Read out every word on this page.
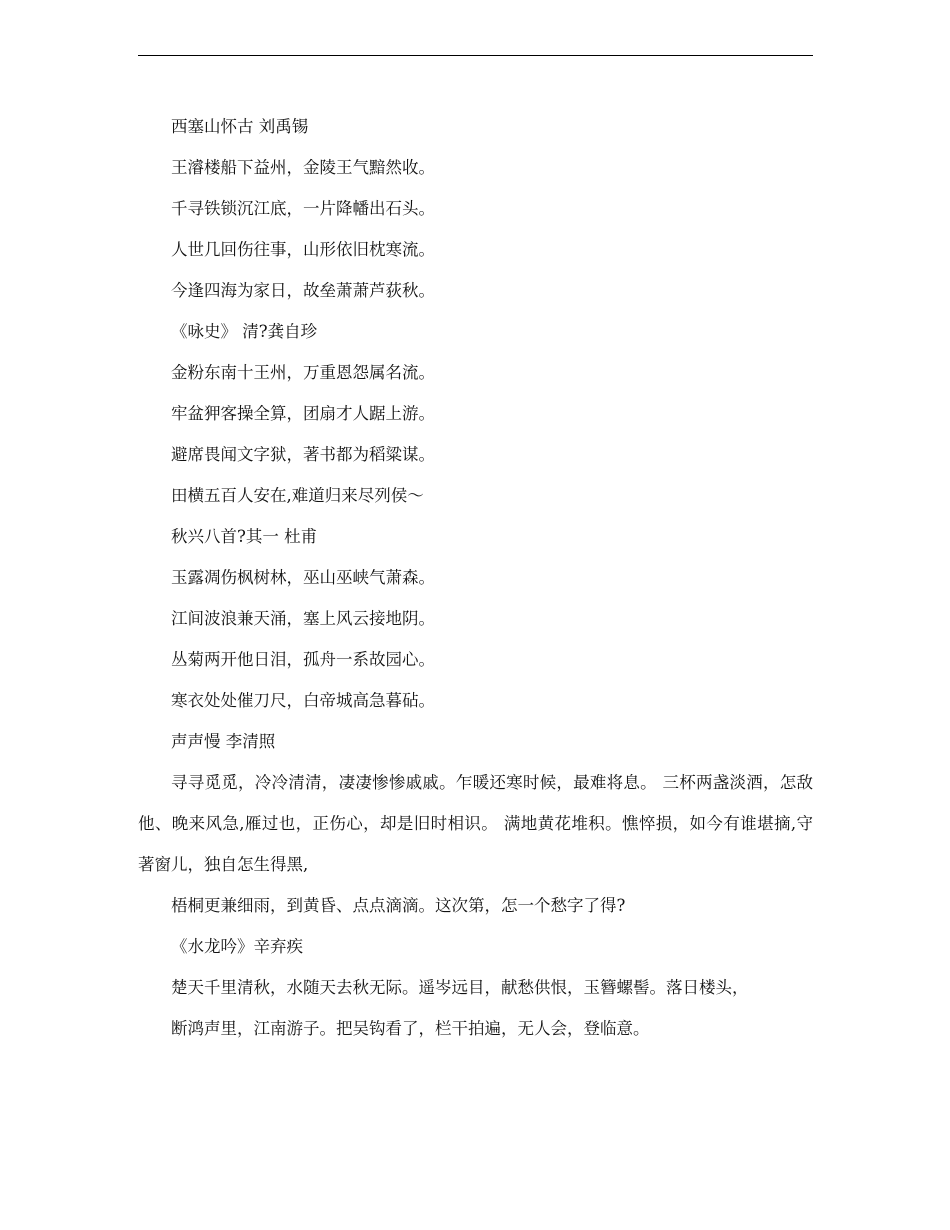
西塞山怀古 刘禹锡

王濬楼船下益州，金陵王气黯然收。

千寻铁锁沉江底，一片降幡出石头。

人世几回伤往事，山形依旧枕寒流。

今逢四海为家日，故垒萧萧芦荻秋。

《咏史》 清?龚自珍

金粉东南十王州，万重恩怨属名流。

牢盆狎客操全算，团扇才人踞上游。

避席畏闻文字狱，著书都为稻粱谋。

田横五百人安在,难道归来尽列侯～

秋兴八首?其一 杜甫

玉露凋伤枫树林，巫山巫峡气萧森。

江间波浪兼天涌，塞上风云接地阴。

丛菊两开他日泪，孤舟一系故园心。

寒衣处处催刀尺，白帝城高急暮砧。

声声慢 李清照

寻寻觅觅，冷冷清清，凄凄惨惨戚戚。乍暖还寒时候，最难将息。 三杯两盏淡酒，怎敌他、晚来风急,雁过也，正伤心，却是旧时相识。 满地黄花堆积。憔悴损，如今有谁堪摘,守著窗儿，独自怎生得黑,

梧桐更兼细雨，到黄昏、点点滴滴。这次第，怎一个愁字了得?

《水龙吟》辛弃疾

楚天千里清秋，水随天去秋无际。遥岑远目，献愁供恨，玉簪螺髻。落日楼头，

断鸿声里，江南游子。把吴钩看了，栏干拍遍，无人会，登临意。
